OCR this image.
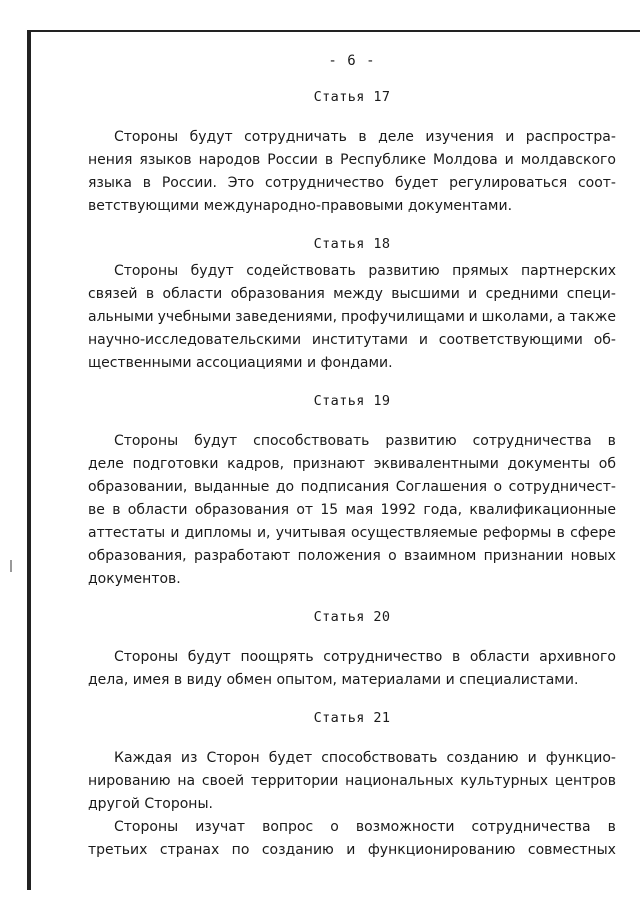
- 6 -
Статья 17
Стороны будут сотрудничать в деле изучения и распростра-
нения языков народов России в Республике Молдова и молдавского
языка в России. Это сотрудничество будет регулироваться соот-
ветствующими международно-правовыми документами.
Статья 18
Стороны будут содействовать развитию прямых партнерских
связей в области образования между высшими и средними специ-
альными учебными заведениями, профучилищами и школами, а также
научно-исследовательскими институтами и соответствующими об-
щественными ассоциациями и фондами.
Статья 19
Стороны будут способствовать развитию сотрудничества в
деле подготовки кадров, признают эквивалентными документы об
образовании, выданные до подписания Соглашения о сотрудничест-
ве в области образования от 15 мая 1992 года, квалификационные
аттестаты и дипломы и, учитывая осуществляемые реформы в сфере
образования, разработают положения о взаимном признании новых
документов.
Статья 20
Стороны будут поощрять сотрудничество в области архивного
дела, имея в виду обмен опытом, материалами и специалистами.
Статья 21
Каждая из Сторон будет способствовать созданию и функцио-
нированию на своей территории национальных культурных центров
другой Стороны.
Стороны изучат вопрос о возможности сотрудничества в
третьих странах по созданию и функционированию совместных
